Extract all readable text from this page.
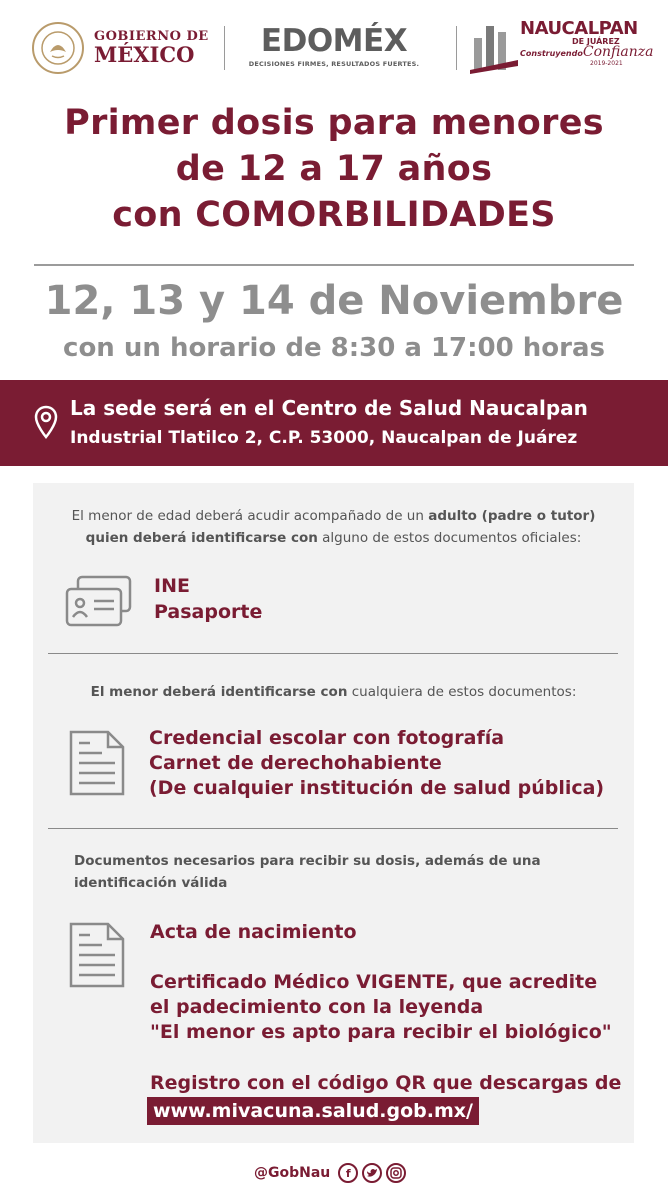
GOBIERNO DE
MÉXICO	EDOMÉX
DECISIONES FIRMES, RESULTADOS FUERTES.
NAUCALPAN
DE JUÁREZ
Construyendo Confianza
2019-2021
Primer dosis para menores
de 12 a 17 años
con COMORBILIDADES
12, 13 y 14 de Noviembre
con un horario de 8:30 a 17:00 horas
La sede será en el Centro de Salud Naucalpan
Industrial Tlatilco 2, C.P. 53000, Naucalpan de Juárez
El menor de edad deberá acudir acompañado de un adulto (padre o tutor)
quien deberá identificarse con alguno de estos documentos oficiales:
INE
Pasaporte
El menor deberá identificarse con cualquiera de estos documentos:
Credencial escolar con fotografía
Carnet de derechohabiente
(De cualquier institución de salud pública)
Documentos necesarios para recibir su dosis, además de una
identificación válida
Acta de nacimiento
Certificado Médico VIGENTE, que acredite
el padecimiento con la leyenda
"El menor es apto para recibir el biológico"
Registro con el código QR que descargas de
www.mivacuna.salud.gob.mx/
@GobNau	f
